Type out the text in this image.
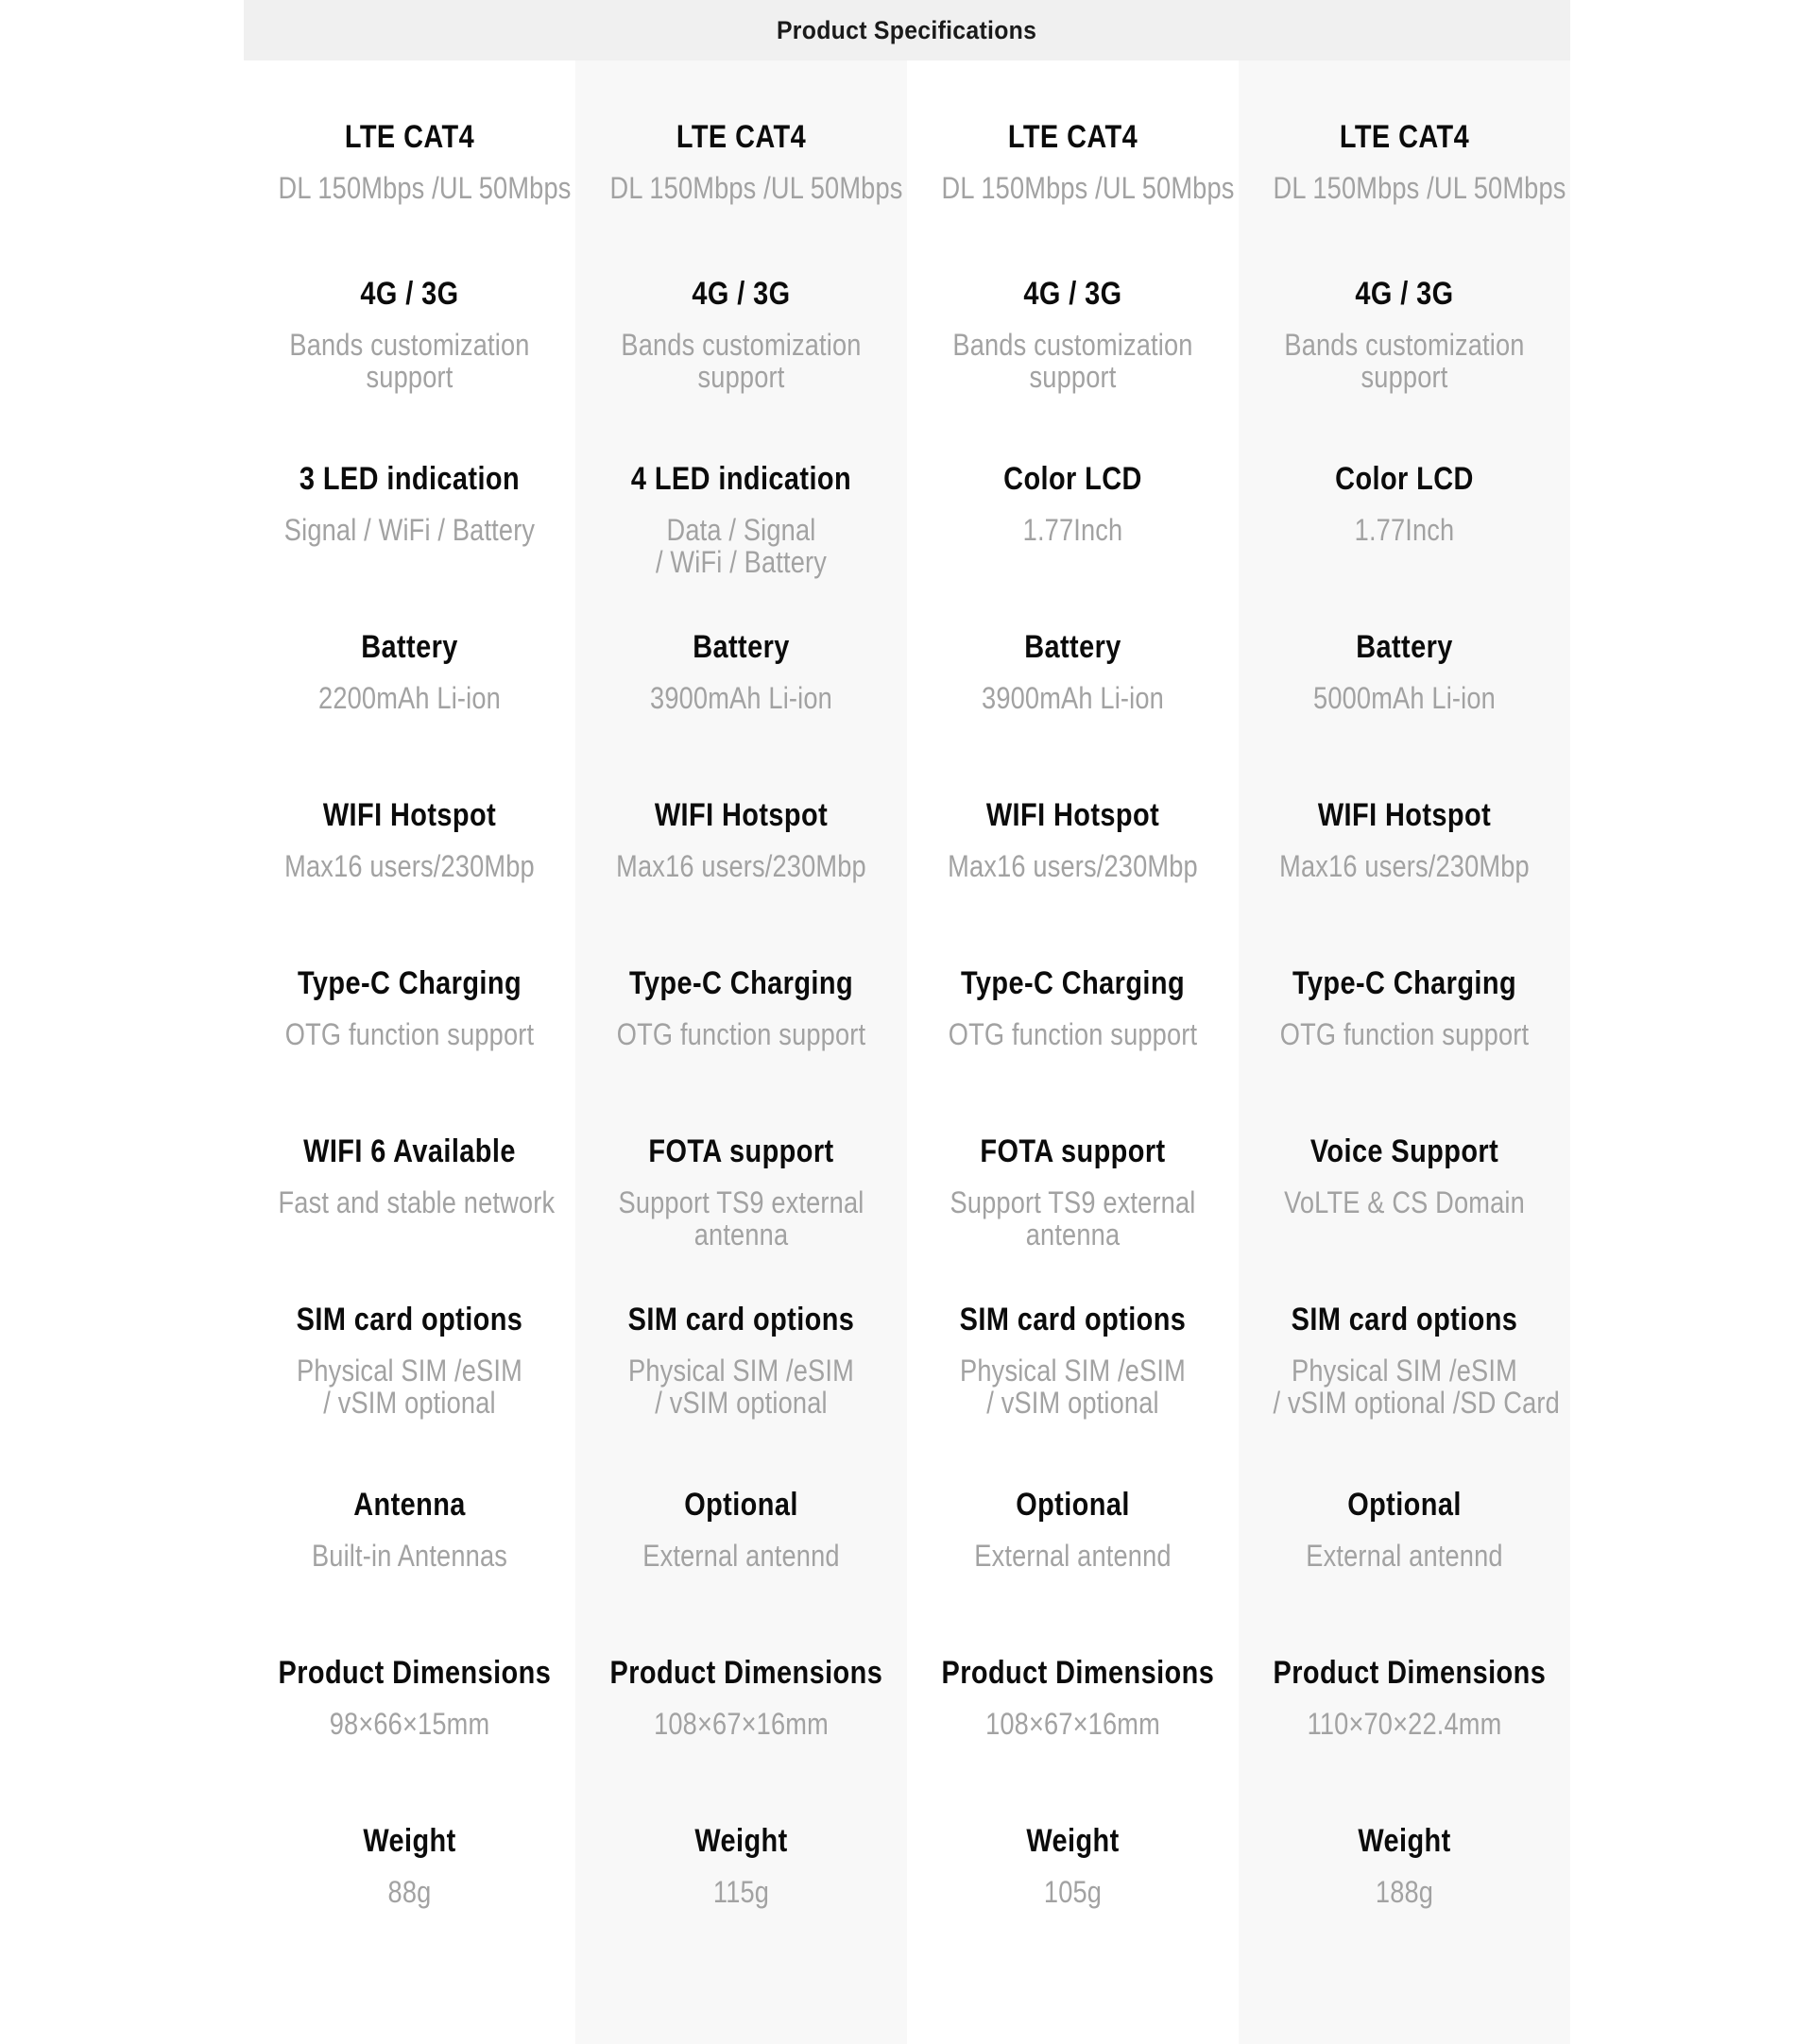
Product Specifications
LTE CAT4
DL 150Mbps /UL 50Mbps
4G / 3G
Bands customization
support
3 LED indication
Signal / WiFi / Battery
Battery
2200mAh Li-ion
WIFI Hotspot
Max16 users/230Mbp
Type-C Charging
OTG function support
WIFI 6 Available
Fast and stable network
SIM card options
Physical SIM /eSIM
/ vSIM optional
Antenna
Built-in Antennas
Product Dimensions
98×66×15mm
Weight
88g
LTE CAT4
DL 150Mbps /UL 50Mbps
4G / 3G
Bands customization
support
4 LED indication
Data / Signal
/ WiFi / Battery
Battery
3900mAh Li-ion
WIFI Hotspot
Max16 users/230Mbp
Type-C Charging
OTG function support
FOTA support
Support TS9 external
antenna
SIM card options
Physical SIM /eSIM
/ vSIM optional
Optional
External antennd
Product Dimensions
108×67×16mm
Weight
115g
LTE CAT4
DL 150Mbps /UL 50Mbps
4G / 3G
Bands customization
support
Color LCD
1.77Inch
Battery
3900mAh Li-ion
WIFI Hotspot
Max16 users/230Mbp
Type-C Charging
OTG function support
FOTA support
Support TS9 external
antenna
SIM card options
Physical SIM /eSIM
/ vSIM optional
Optional
External antennd
Product Dimensions
108×67×16mm
Weight
105g
LTE CAT4
DL 150Mbps /UL 50Mbps
4G / 3G
Bands customization
support
Color LCD
1.77Inch
Battery
5000mAh Li-ion
WIFI Hotspot
Max16 users/230Mbp
Type-C Charging
OTG function support
Voice Support
VoLTE & CS Domain
SIM card options
Physical SIM /eSIM
/ vSIM optional /SD Card
Optional
External antennd
Product Dimensions
110×70×22.4mm
Weight
188g
